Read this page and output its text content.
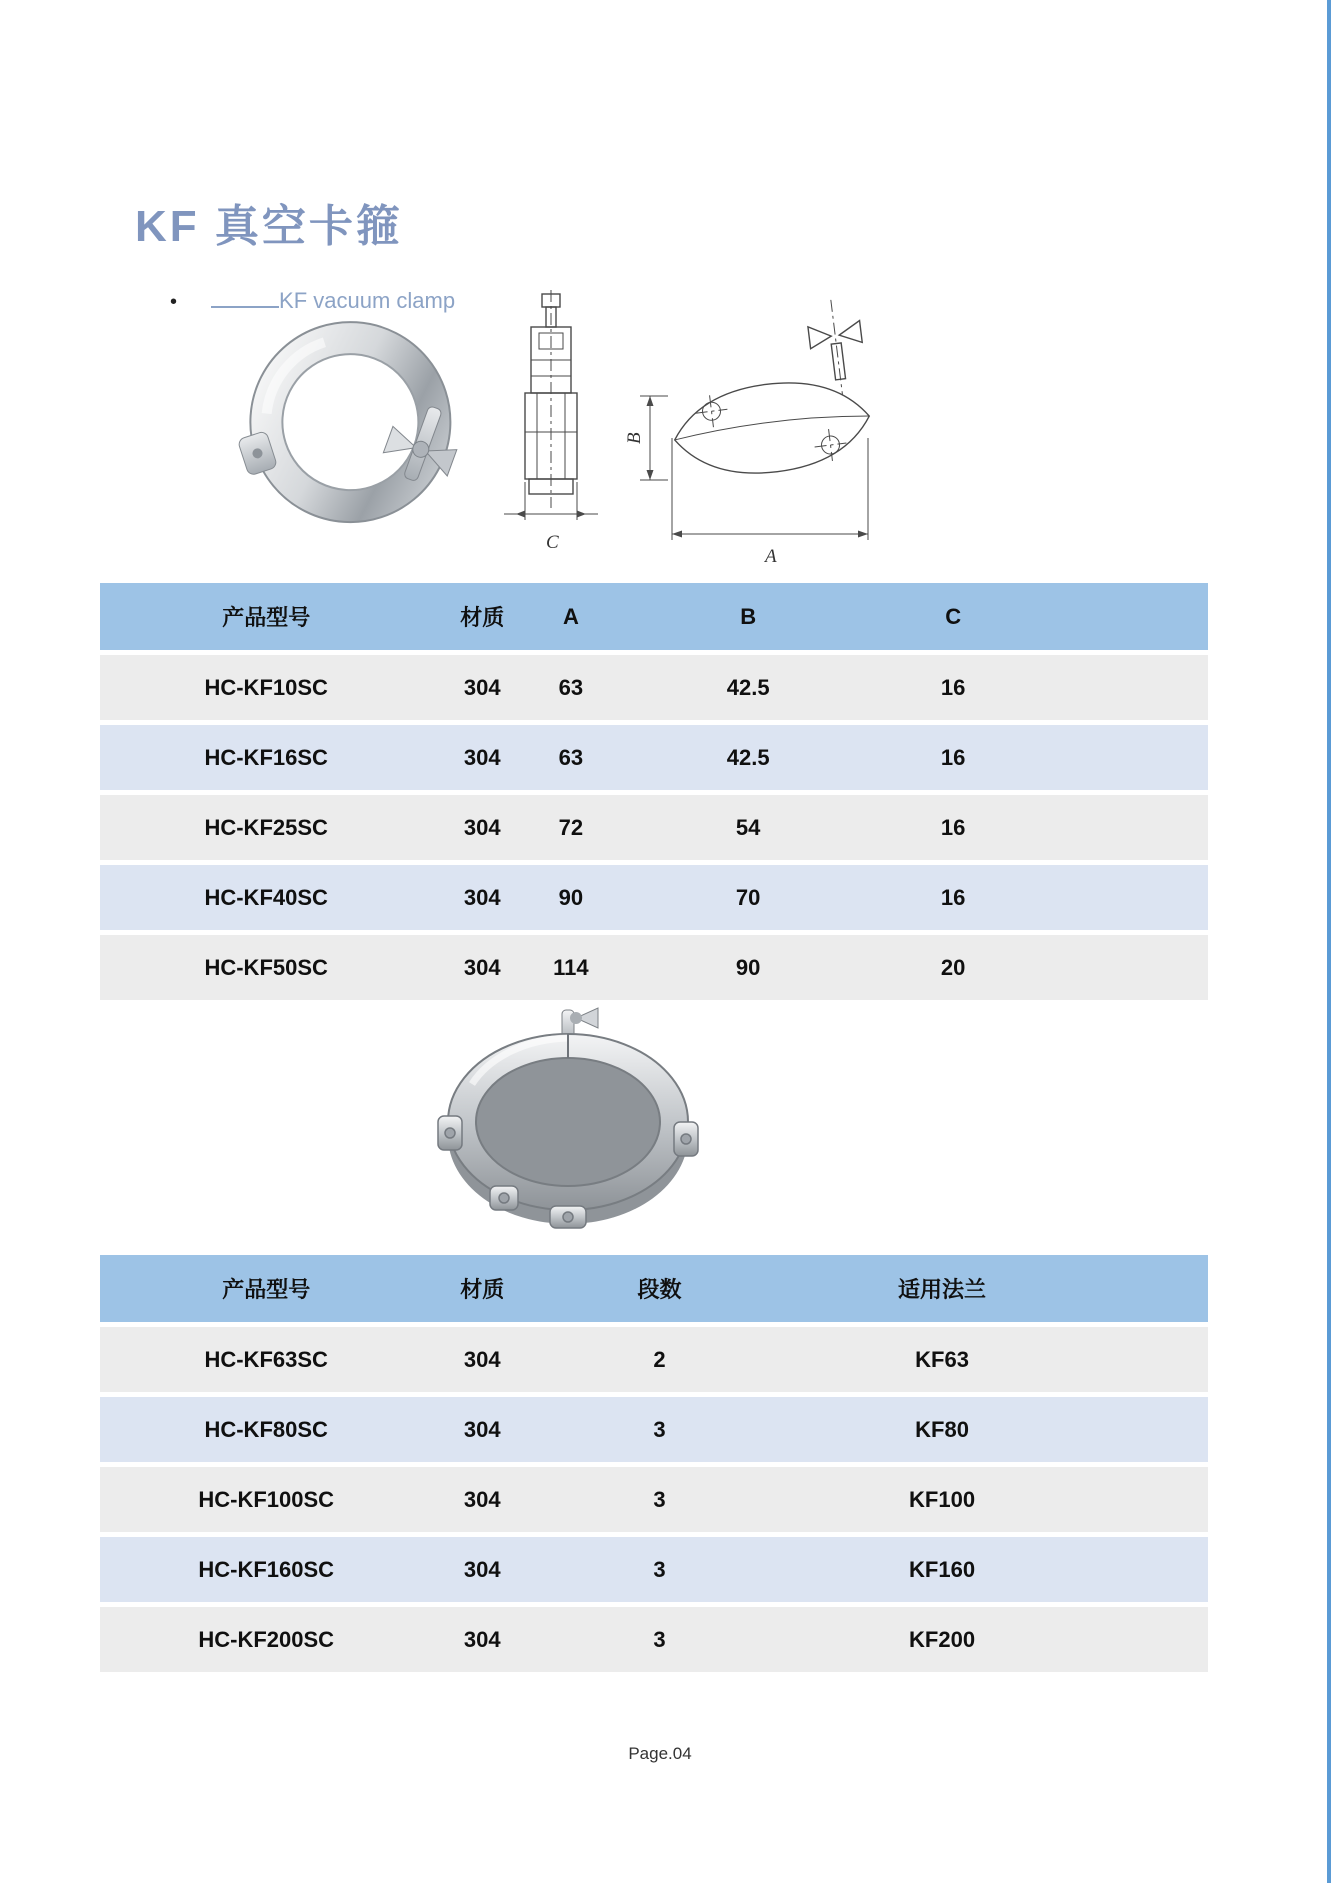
KF 真空卡箍
•	KF vacuum clamp
C
B
A
产品型号	材质	A	B	C
HC-KF10SC	304	63	42.5	16
HC-KF16SC	304	63	42.5	16
HC-KF25SC	304	72	54	16
HC-KF40SC	304	90	70	16
HC-KF50SC	304	114	90	20
产品型号	材质	段数	适用法兰
HC-KF63SC	304	2	KF63
HC-KF80SC	304	3	KF80
HC-KF100SC	304	3	KF100
HC-KF160SC	304	3	KF160
HC-KF200SC	304	3	KF200
Page.04
